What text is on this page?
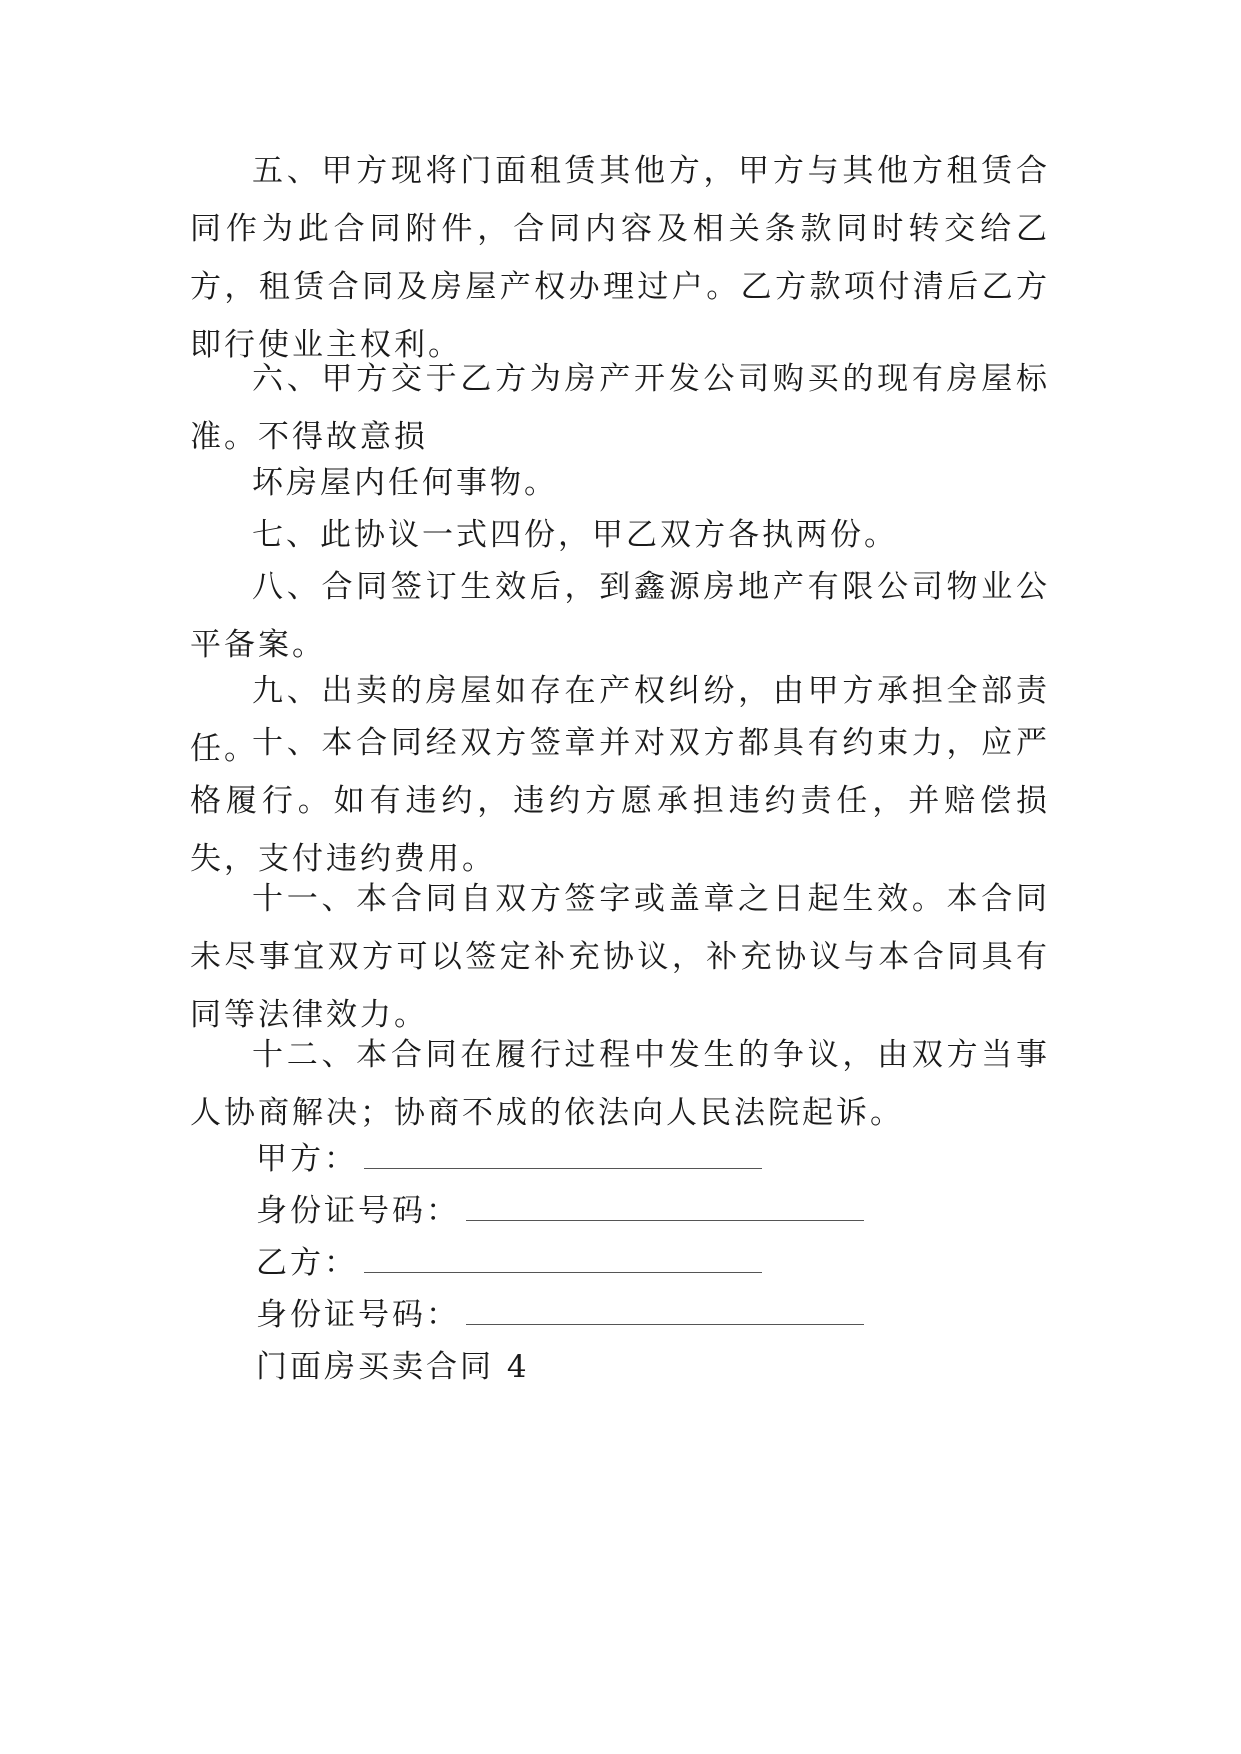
五、甲方现将门面租赁其他方，甲方与其他方租赁合同作为此合同附件，合同内容及相关条款同时转交给乙方，租赁合同及房屋产权办理过户。乙方款项付清后乙方即行使业主权利。

六、甲方交于乙方为房产开发公司购买的现有房屋标准。不得故意损

坏房屋内任何事物。

七、此协议一式四份，甲乙双方各执两份。

八、合同签订生效后，到鑫源房地产有限公司物业公平备案。

九、出卖的房屋如存在产权纠纷，由甲方承担全部责任。

十、本合同经双方签章并对双方都具有约束力，应严格履行。如有违约，违约方愿承担违约责任，并赔偿损失，支付违约费用。

十一、本合同自双方签字或盖章之日起生效。本合同未尽事宜双方可以签定补充协议，补充协议与本合同具有同等法律效力。

十二、本合同在履行过程中发生的争议，由双方当事人协商解决；协商不成的依法向人民法院起诉。

甲方：
身份证号码：
乙方：
身份证号码：
门面房买卖合同 4
